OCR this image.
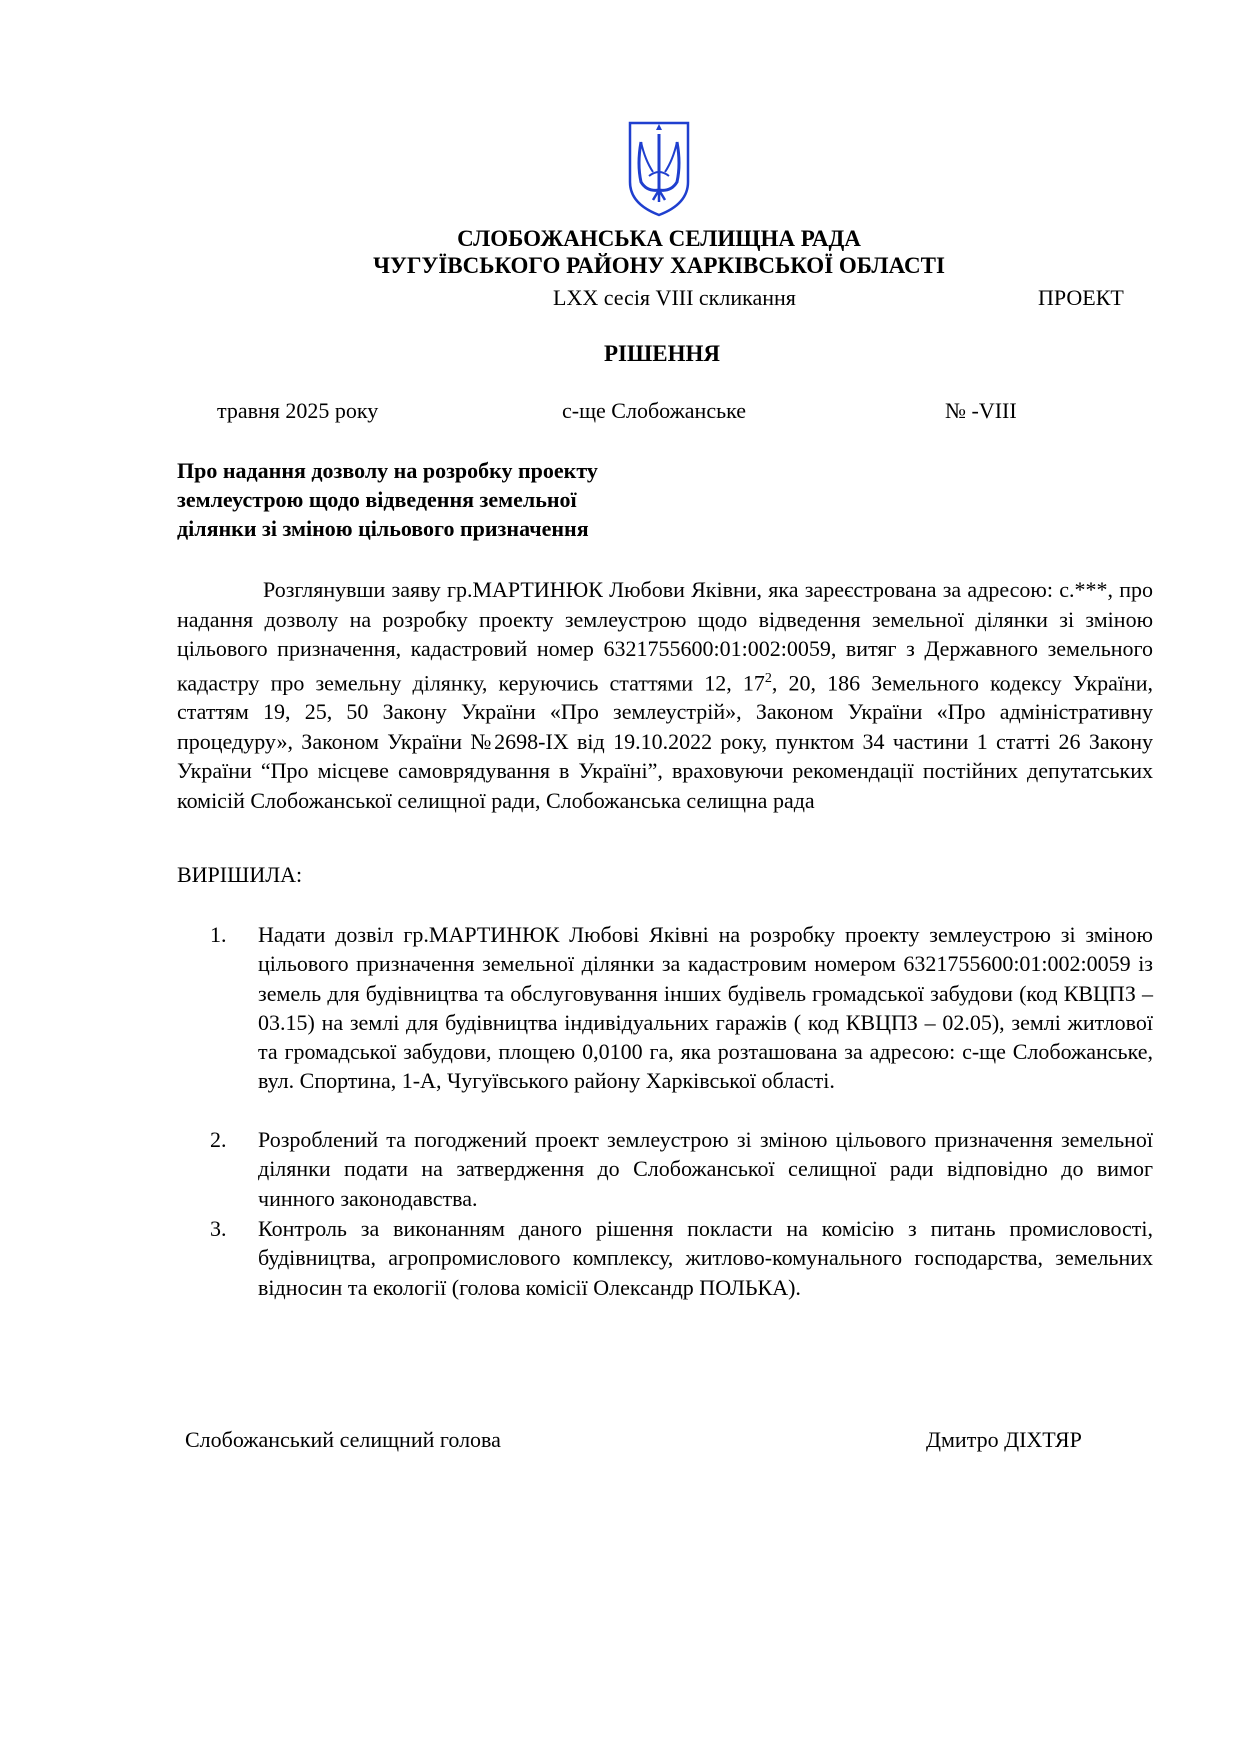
СЛОБОЖАНСЬКА СЕЛИЩНА РАДА
ЧУГУЇВСЬКОГО РАЙОНУ ХАРКІВСЬКОЇ ОБЛАСТІ
LXX сесія VIII скликання	ПРОЕКТ
РІШЕННЯ
травня 2025 року	с-ще Слобожанське	№ -VIII
Про надання дозволу на розробку проекту
землеустрою щодо відведення земельної
ділянки зі зміною цільового призначення
Розглянувши заяву гр.МАРТИНЮК Любови Яківни, яка зареєстрована за адресою: с.***, про надання дозволу на розробку проекту землеустрою щодо відведення земельної ділянки зі зміною цільового призначення, кадастровий номер 6321755600:01:002:0059, витяг з Державного земельного кадастру про земельну ділянку, керуючись статтями 12, $17^2$, 20, 186 Земельного кодексу України, статтям 19, 25, 50 Закону України «Про землеустрій», Законом України «Про адміністративну процедуру», Законом України №2698-IX від 19.10.2022 року, пунктом 34 частини 1 статті 26 Закону України “Про місцеве самоврядування в Україні”, враховуючи рекомендації постійних депутатських комісій Слобожанської селищної ради, Слобожанська селищна рада
ВИРІШИЛА:
1.	Надати дозвіл гр.МАРТИНЮК Любові Яківні на розробку проекту землеустрою зі зміною цільового призначення земельної ділянки за кадастровим номером 6321755600:01:002:0059 із земель для будівництва та обслуговування інших будівель громадської забудови (код КВЦПЗ – 03.15) на землі для будівництва індивідуальних гаражів ( код КВЦПЗ – 02.05), землі житлової та громадської забудови, площею 0,0100 га, яка розташована за адресою: с-ще Слобожанське, вул. Спортина, 1-А, Чугуївського району Харківської області.
2.	Розроблений та погоджений проект землеустрою зі зміною цільового призначення земельної ділянки подати на затвердження до Слобожанської селищної ради відповідно до вимог чинного законодавства.
3.	Контроль за виконанням даного рішення покласти на комісію з питань промисловості, будівництва, агропромислового комплексу, житлово-комунального господарства, земельних відносин та екології (голова комісії Олександр ПОЛЬКА).
Слобожанський селищний голова	Дмитро ДІХТЯР
